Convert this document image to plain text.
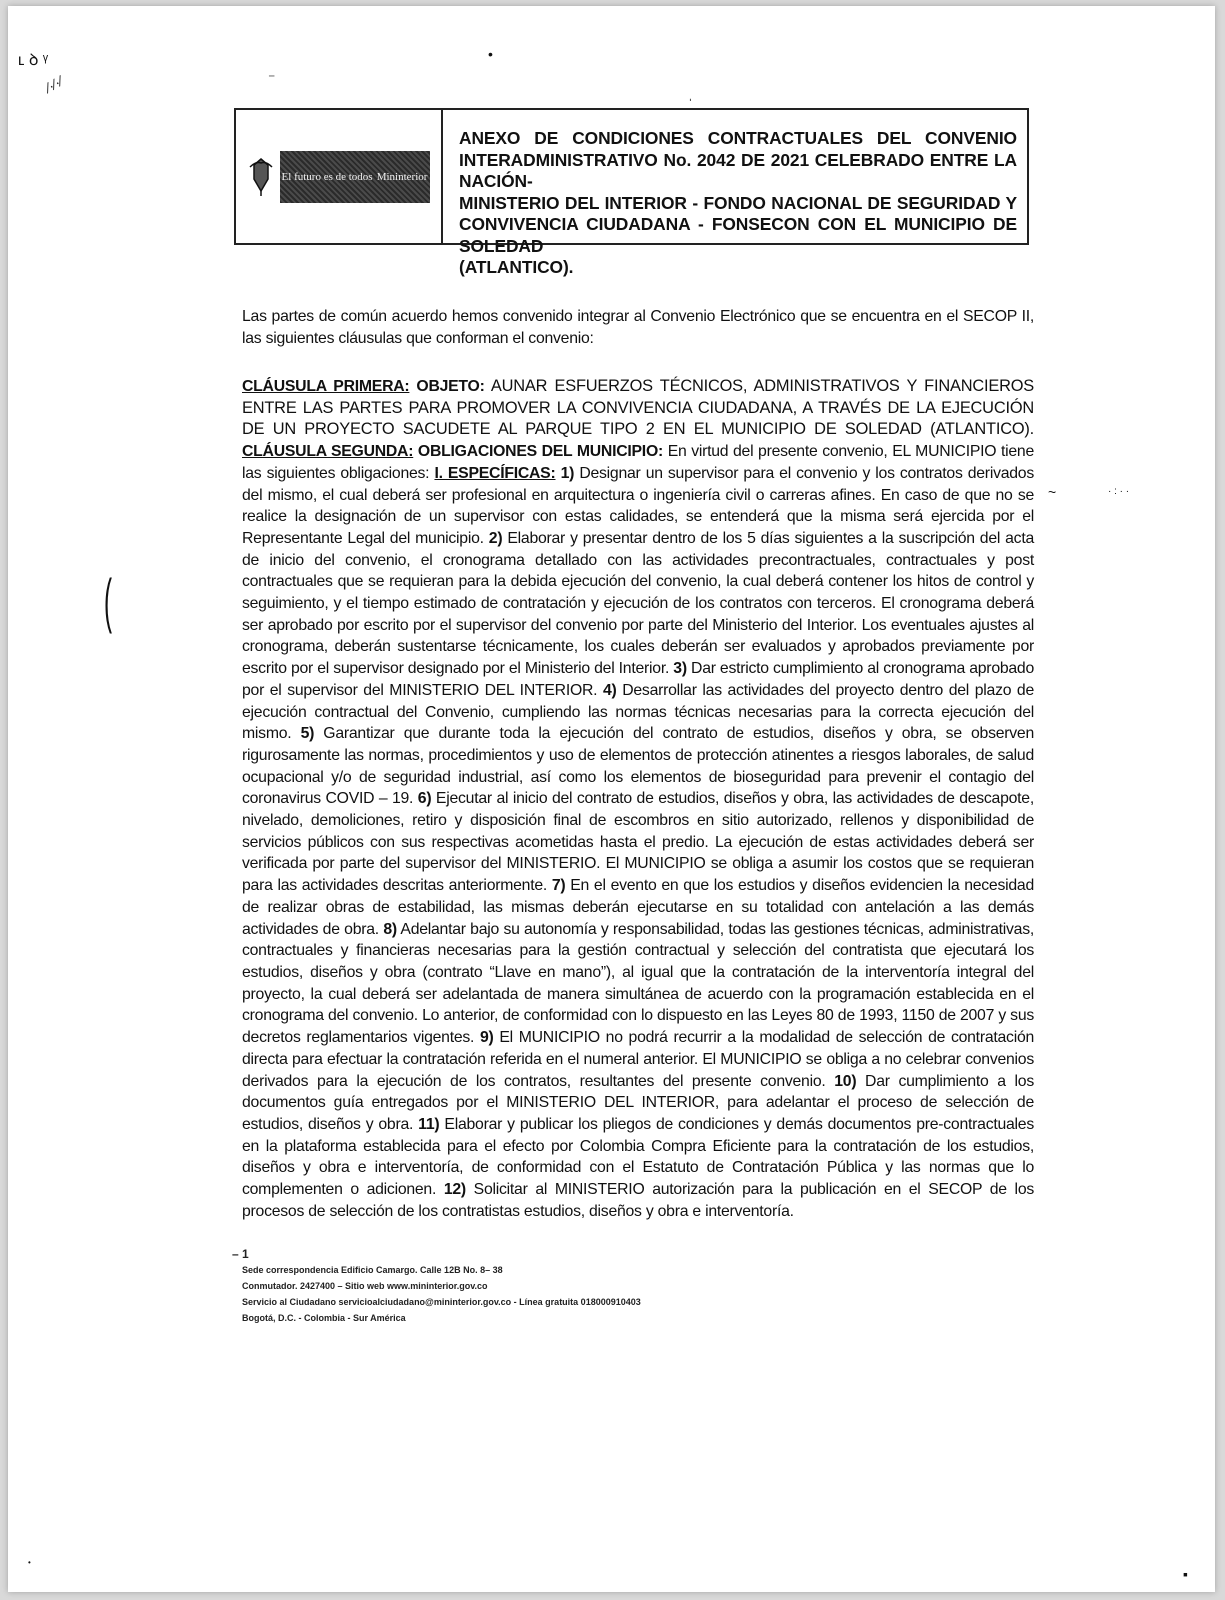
ʟ ꝺ ᵞ
⁄·⁄·⁄	⁻
•
ˈ
(
· : · ·
~
▪
•
El futuro es de todos Mininterior
ANEXO DE CONDICIONES CONTRACTUALES DEL CONVENIO
INTERADMINISTRATIVO No. 2042 DE 2021 CELEBRADO ENTRE LA NACIÓN-
MINISTERIO DEL INTERIOR - FONDO NACIONAL DE SEGURIDAD Y
CONVIVENCIA CIUDADANA - FONSECON CON EL MUNICIPIO DE SOLEDAD
(ATLANTICO).
Las partes de común acuerdo hemos convenido integrar al Convenio Electrónico que se encuentra en el SECOP II, las siguientes cláusulas que conforman el convenio:
CLÁUSULA PRIMERA: OBJETO: AUNAR ESFUERZOS TÉCNICOS, ADMINISTRATIVOS Y FINANCIEROS ENTRE LAS PARTES PARA PROMOVER LA CONVIVENCIA CIUDADANA, A TRAVÉS DE LA EJECUCIÓN DE UN PROYECTO SACUDETE AL PARQUE TIPO 2 EN EL MUNICIPIO DE SOLEDAD (ATLANTICO). CLÁUSULA SEGUNDA: OBLIGACIONES DEL MUNICIPIO: En virtud del presente convenio, EL MUNICIPIO tiene las siguientes obligaciones: I. ESPECÍFICAS: 1) Designar un supervisor para el convenio y los contratos derivados del mismo, el cual deberá ser profesional en arquitectura o ingeniería civil o carreras afines. En caso de que no se realice la designación de un supervisor con estas calidades, se entenderá que la misma será ejercida por el Representante Legal del municipio. 2) Elaborar y presentar dentro de los 5 días siguientes a la suscripción del acta de inicio del convenio, el cronograma detallado con las actividades precontractuales, contractuales y post contractuales que se requieran para la debida ejecución del convenio, la cual deberá contener los hitos de control y seguimiento, y el tiempo estimado de contratación y ejecución de los contratos con terceros. El cronograma deberá ser aprobado por escrito por el supervisor del convenio por parte del Ministerio del Interior. Los eventuales ajustes al cronograma, deberán sustentarse técnicamente, los cuales deberán ser evaluados y aprobados previamente por escrito por el supervisor designado por el Ministerio del Interior. 3) Dar estricto cumplimiento al cronograma aprobado por el supervisor del MINISTERIO DEL INTERIOR. 4) Desarrollar las actividades del proyecto dentro del plazo de ejecución contractual del Convenio, cumpliendo las normas técnicas necesarias para la correcta ejecución del mismo. 5) Garantizar que durante toda la ejecución del contrato de estudios, diseños y obra, se observen rigurosamente las normas, procedimientos y uso de elementos de protección atinentes a riesgos laborales, de salud ocupacional y/o de seguridad industrial, así como los elementos de bioseguridad para prevenir el contagio del coronavirus COVID – 19. 6) Ejecutar al inicio del contrato de estudios, diseños y obra, las actividades de descapote, nivelado, demoliciones, retiro y disposición final de escombros en sitio autorizado, rellenos y disponibilidad de servicios públicos con sus respectivas acometidas hasta el predio. La ejecución de estas actividades deberá ser verificada por parte del supervisor del MINISTERIO. El MUNICIPIO se obliga a asumir los costos que se requieran para las actividades descritas anteriormente. 7) En el evento en que los estudios y diseños evidencien la necesidad de realizar obras de estabilidad, las mismas deberán ejecutarse en su totalidad con antelación a las demás actividades de obra. 8) Adelantar bajo su autonomía y responsabilidad, todas las gestiones técnicas, administrativas, contractuales y financieras necesarias para la gestión contractual y selección del contratista que ejecutará los estudios, diseños y obra (contrato “Llave en mano”), al igual que la contratación de la interventoría integral del proyecto, la cual deberá ser adelantada de manera simultánea de acuerdo con la programación establecida en el cronograma del convenio. Lo anterior, de conformidad con lo dispuesto en las Leyes 80 de 1993, 1150 de 2007 y sus decretos reglamentarios vigentes. 9) El MUNICIPIO no podrá recurrir a la modalidad de selección de contratación directa para efectuar la contratación referida en el numeral anterior. El MUNICIPIO se obliga a no celebrar convenios derivados para la ejecución de los contratos, resultantes del presente convenio. 10) Dar cumplimiento a los documentos guía entregados por el MINISTERIO DEL INTERIOR, para adelantar el proceso de selección de estudios, diseños y obra. 11) Elaborar y publicar los pliegos de condiciones y demás documentos pre-contractuales en la plataforma establecida para el efecto por Colombia Compra Eficiente para la contratación de los estudios, diseños y obra e interventoría, de conformidad con el Estatuto de Contratación Pública y las normas que lo complementen o adicionen. 12) Solicitar al MINISTERIO autorización para la publicación en el SECOP de los procesos de selección de los contratistas estudios, diseños y obra e interventoría.
– 1
Sede correspondencia Edificio Camargo. Calle 12B No. 8– 38
Conmutador. 2427400 – Sitio web www.mininterior.gov.co
Servicio al Ciudadano servicioalciudadano@mininterior.gov.co - Línea gratuita 018000910403
Bogotá, D.C. - Colombia - Sur América
